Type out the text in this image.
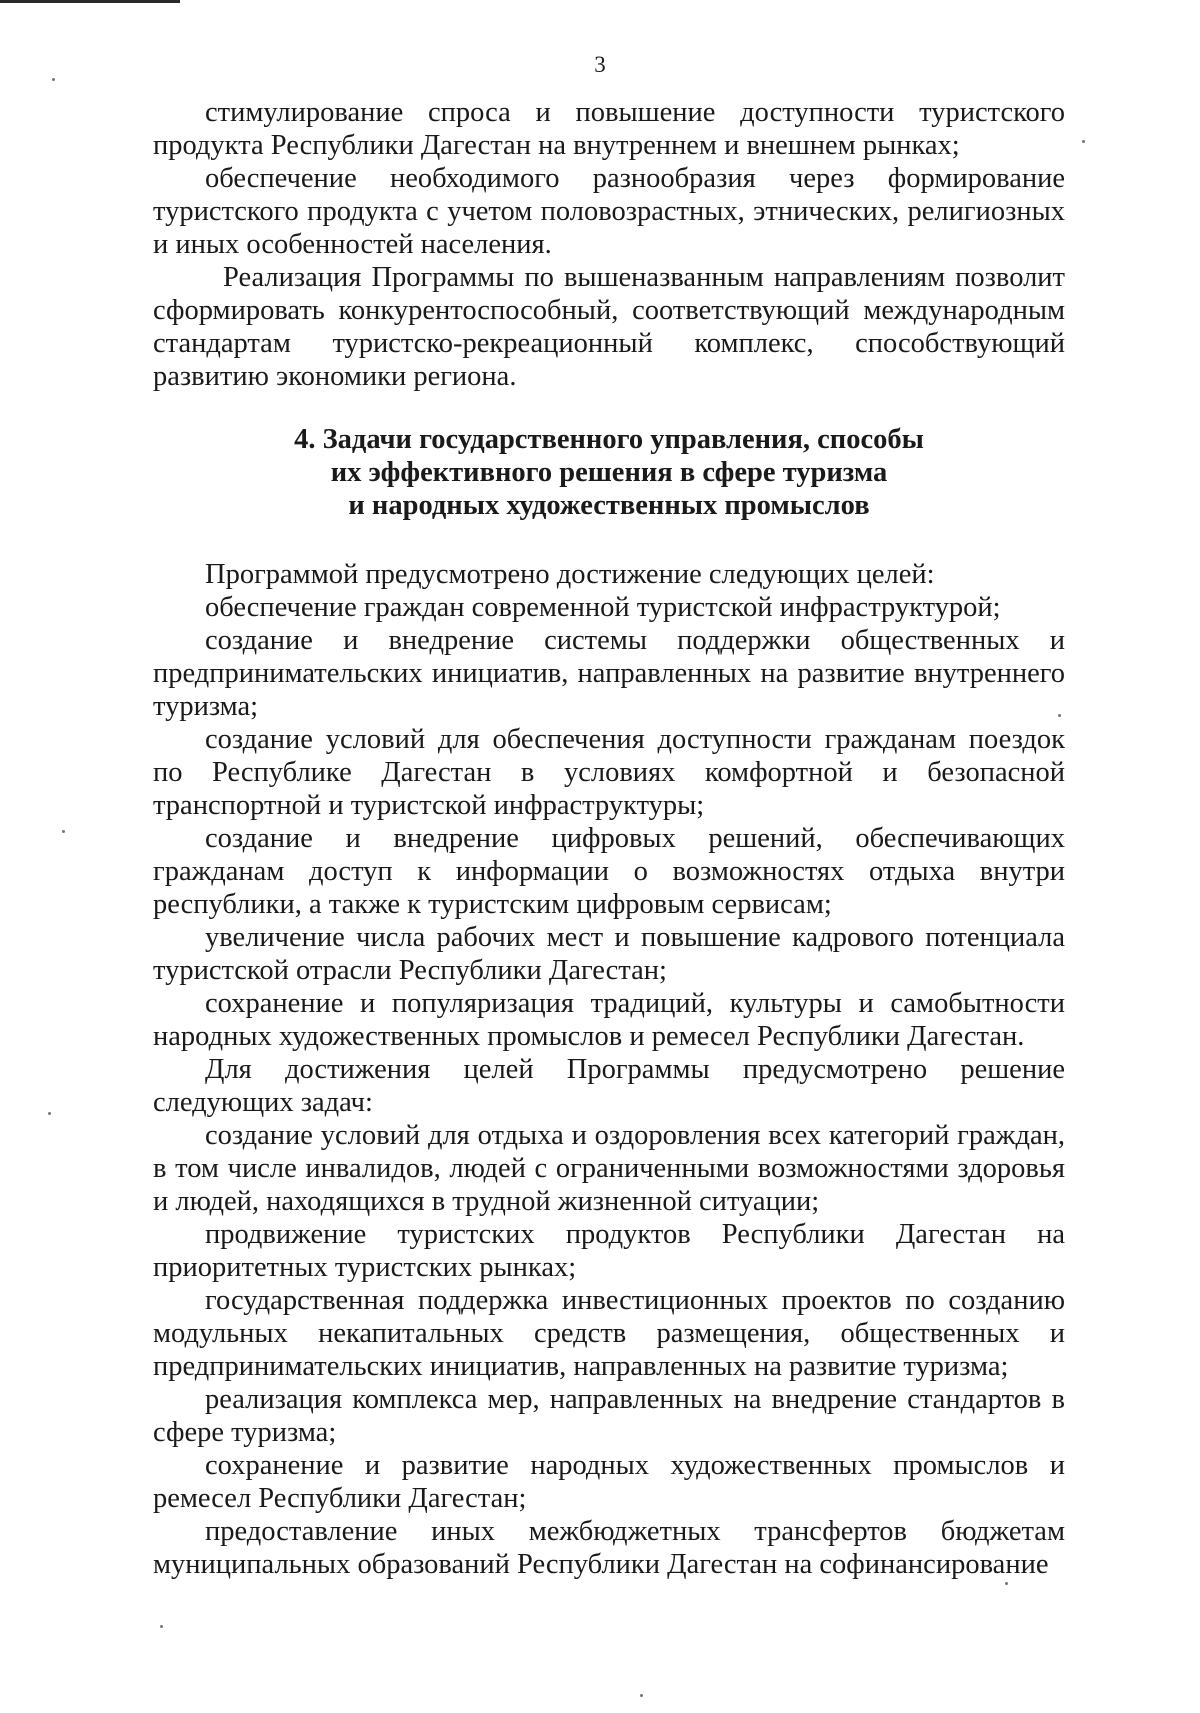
3

стимулирование спроса и повышение доступности туристского продукта Республики Дагестан на внутреннем и внешнем рынках;

обеспечение необходимого разнообразия через формирование туристского продукта с учетом половозрастных, этнических, религиозных и иных особенностей населения.

Реализация Программы по вышеназванным направлениям позволит сформировать конкурентоспособный, соответствующий международным стандартам туристско-рекреационный комплекс, способствующий развитию экономики региона.

4. Задачи государственного управления, способы
их эффективного решения в сфере туризма
и народных художественных промыслов

Программой предусмотрено достижение следующих целей:

обеспечение граждан современной туристской инфраструктурой;

создание и внедрение системы поддержки общественных и предпринимательских инициатив, направленных на развитие внутреннего туризма;

создание условий для обеспечения доступности гражданам поездок по Республике Дагестан в условиях комфортной и безопасной транспортной и туристской инфраструктуры;

создание и внедрение цифровых решений, обеспечивающих гражданам доступ к информации о возможностях отдыха внутри республики, а также к туристским цифровым сервисам;

увеличение числа рабочих мест и повышение кадрового потенциала туристской отрасли Республики Дагестан;

сохранение и популяризация традиций, культуры и самобытности народных художественных промыслов и ремесел Республики Дагестан.

Для достижения целей Программы предусмотрено решение следующих задач:

создание условий для отдыха и оздоровления всех категорий граждан, в том числе инвалидов, людей с ограниченными возможностями здоровья и людей, находящихся в трудной жизненной ситуации;

продвижение туристских продуктов Республики Дагестан на приоритетных туристских рынках;

государственная поддержка инвестиционных проектов по созданию модульных некапитальных средств размещения, общественных и предпринимательских инициатив, направленных на развитие туризма;

реализация комплекса мер, направленных на внедрение стандартов в сфере туризма;

сохранение и развитие народных художественных промыслов и ремесел Республики Дагестан;

предоставление иных межбюджетных трансфертов бюджетам муниципальных образований Республики Дагестан на софинансирование
